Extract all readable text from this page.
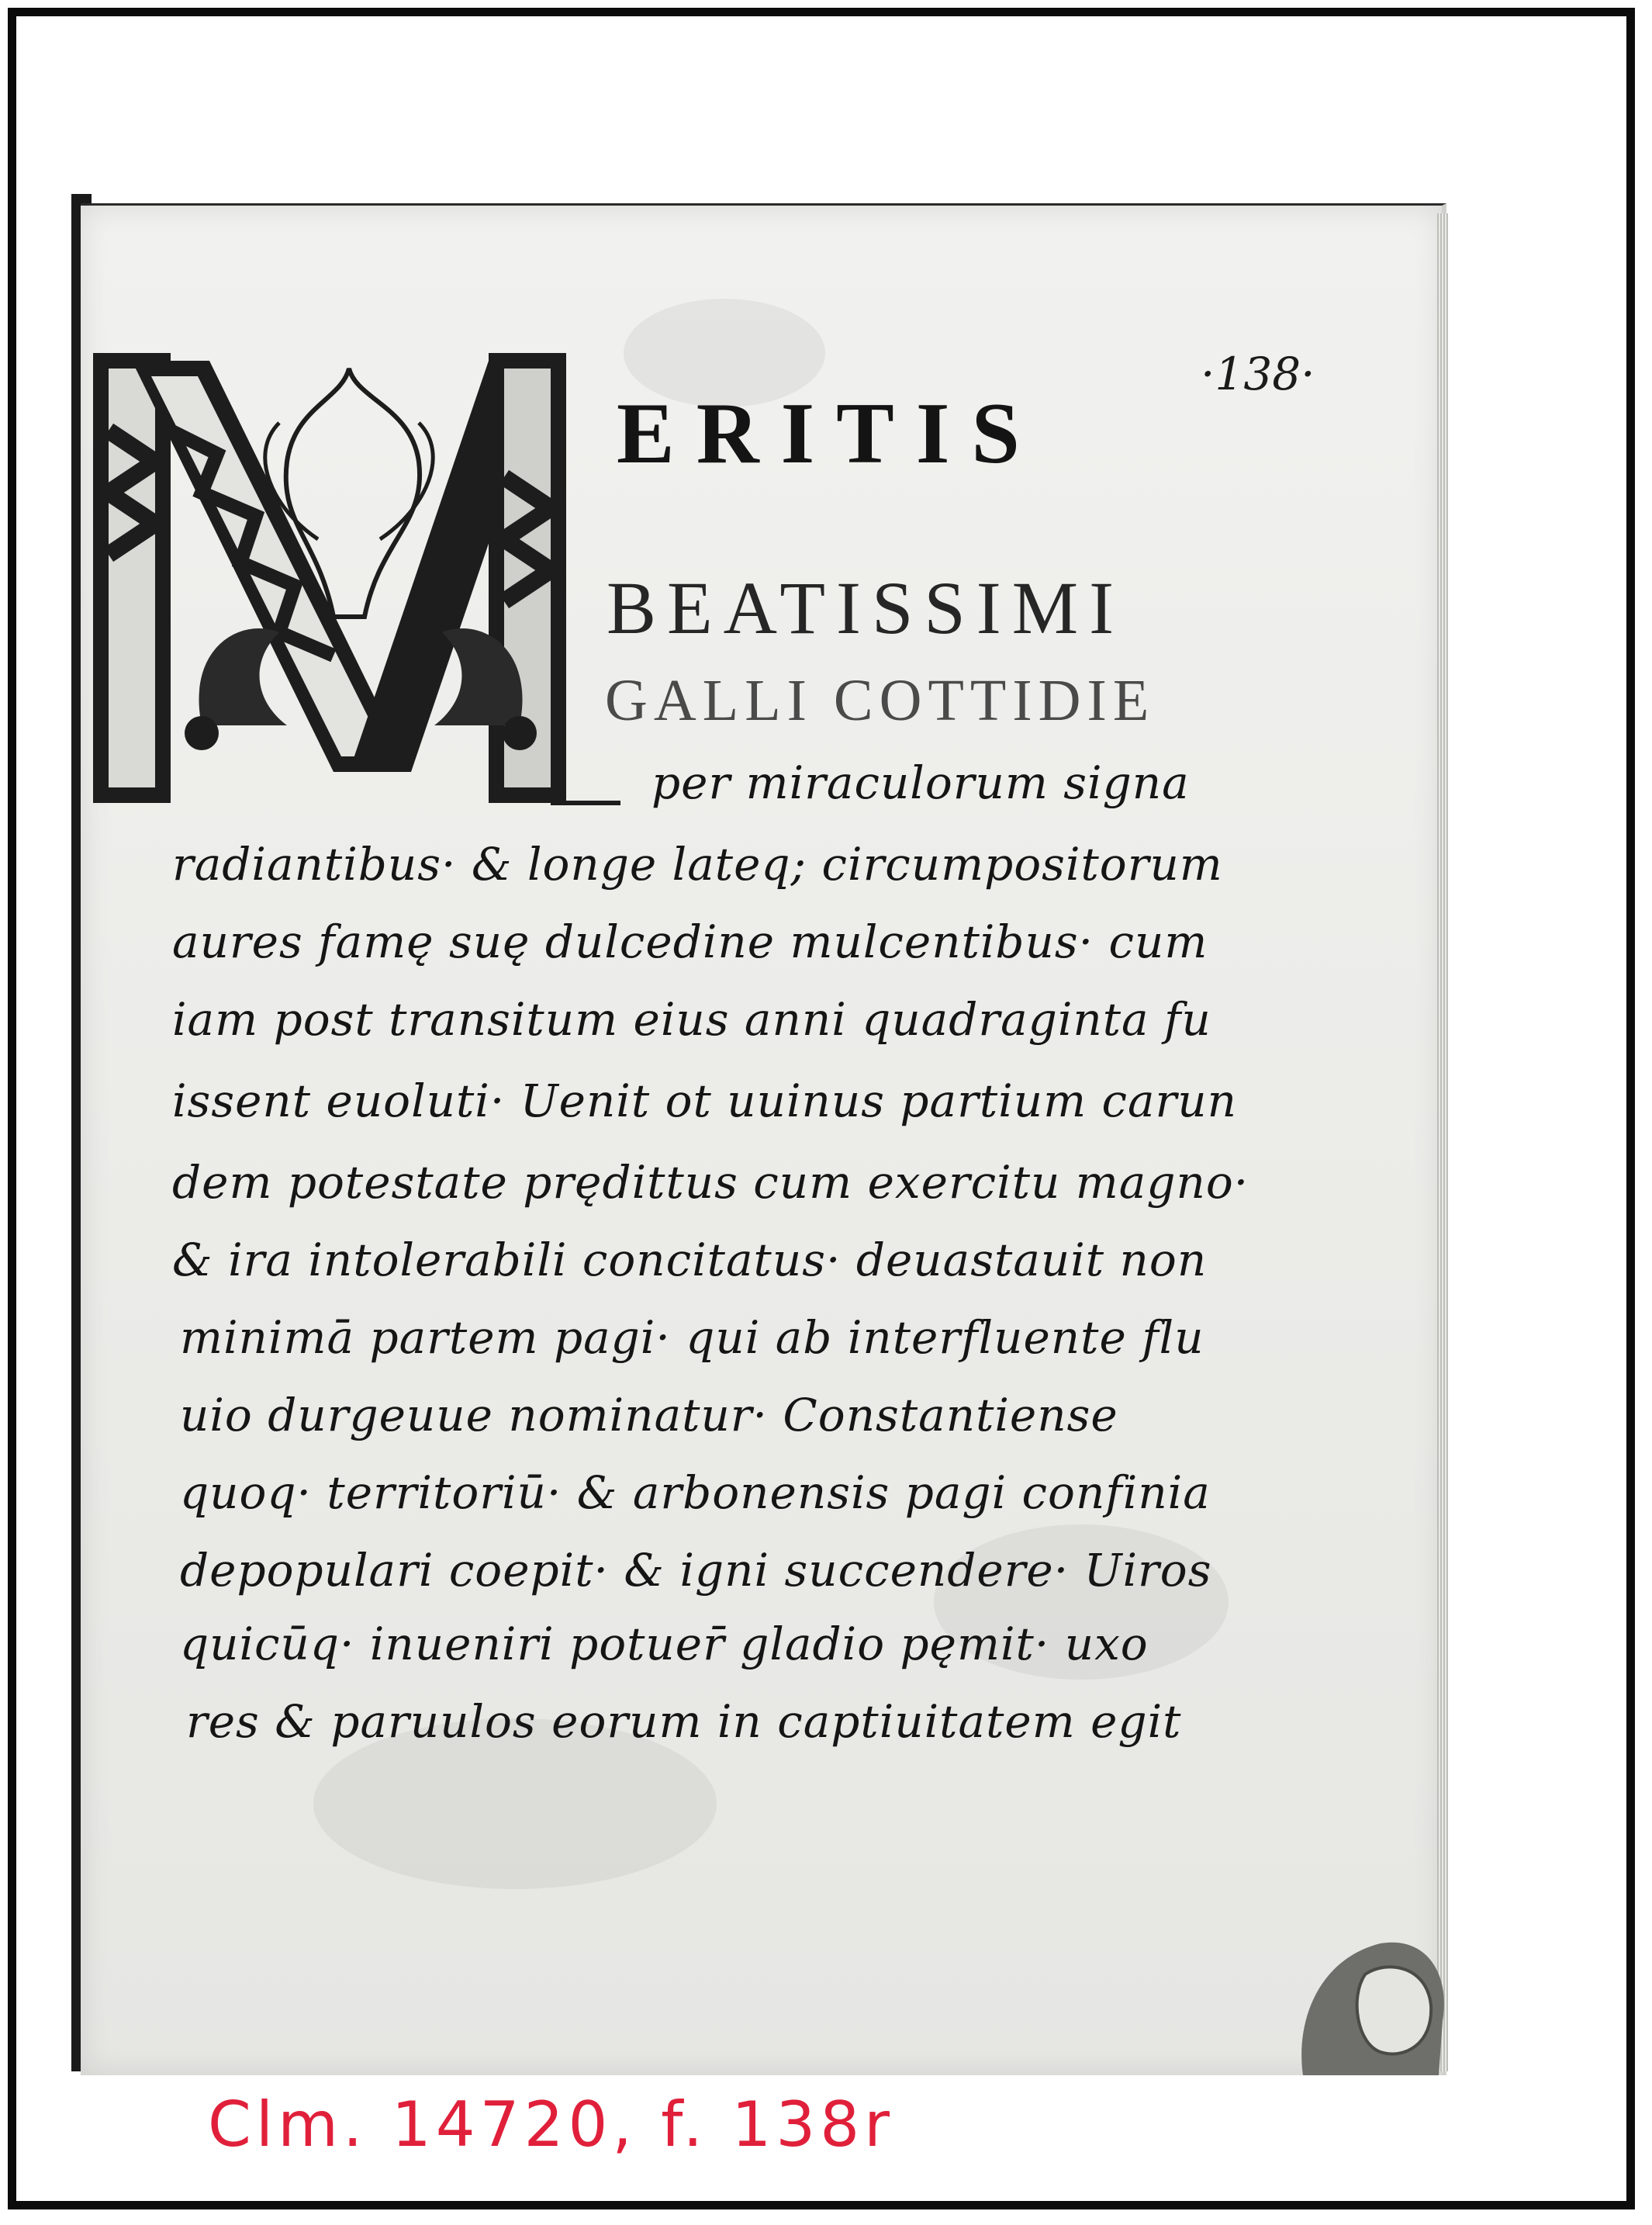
·138·
ERITIS
BEATISSIMI
GALLI COTTIDIE
per miraculorum signa
radiantibus· & longe lateq; circumpositorum
aures famę suę dulcedine mulcentibus· cum
iam post transitum eius anni quadraginta fu
issent euoluti· Uenit ot uuinus partium carun
dem potestate prędittus cum exercitu magno·
& ira intolerabili concitatus· deuastauit non
minimā partem pagi· qui ab interfluente flu
uio durgeuue nominatur· Constantiense
quoq· territoriū· & arbonensis pagi confinia
depopulari coepit· & igni succendere· Uiros
quicūq· inueniri potuer̄ gladio pęmit· uxo
res & paruulos eorum in captiuitatem egit
Clm. 14720, f. 138r
